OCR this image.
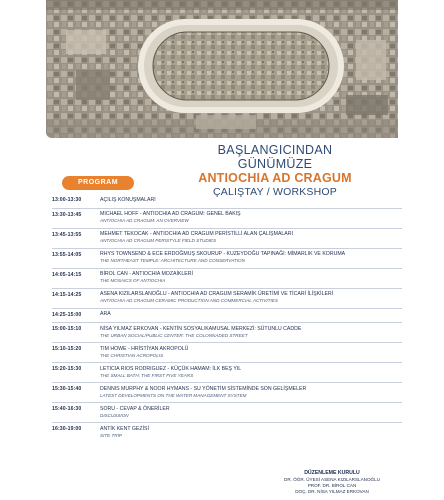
BAŞLANGICINDAN
GÜNÜMÜZE
ANTIOCHIA AD CRAGUM
ÇALIŞTAY / WORKSHOP
PROGRAM
13:00-13:30	AÇILIŞ KONUŞMALARI
13:30-13:45	MICHAEL HOFF - ANTIOCHIA AD CRAGUM: GENEL BAKIŞ
ANTIOCHIA AD CRAGUM: AN OVERVIEW
13:45-13:55	MEHMET TEKOCAK - ANTIOCHIA AD CRAGUM PERİSTİLLİ ALAN ÇALIŞMALARI
ANTIOCHIA AD CRAGUM PERISTYLE FIELD STUDIES
13:55-14:05	RHYS TOWNSEND & ECE ERDOĞMUŞ SKOURUP - KUZEYDOĞU TAPINAĞI: MİMARLIK VE KORUMA
THE NORTHEAST TEMPLE: ARCHITECTURE AND CONSERVATION
14:05-14:15	BİROL CAN - ANTIOCHIA MOZAİKLERİ
THE MOSAICS OF ANTIOCHIA
14:15-14:25	ASENA KIZILARSLANOĞLU - ANTIOCHIA AD CRAGUM SERAMİK ÜRETİMİ VE TİCARİ İLİŞKİLERİ
ANTIOCHIA AD CRAGUM CERAMIC PRODUCTION AND COMMERCIAL ACTIVITIES
14:25-15:00	ARA
15:00-15:10	NİSA YILMAZ ERKOVAN - KENTİN SOSYAL/KAMUSAL MERKEZİ: SÜTUNLU CADDE
THE URBAN SOCIAL/PUBLIC CENTER: THE COLONNADED STREET
15:10-15:20	TIM HOWE - HRİSTİYAN AKROPOLÜ
THE CHRISTIAN ACROPOLIS
15:20-15:30	LETICIA RIOS RODRIGUEZ - KÜÇÜK HAMAM: İLK BEŞ YIL
THE SMALL BATH: THE FIRST FIVE YEARS
15:30-15:40	DENNIS MURPHY & NOOR HYMANS - SU YÖNETİM SİSTEMİNDE SON GELİŞMELER
LATEST DEVELOPMENTS ON THE WATER MANAGEMENT SYSTEM
15:40-16:30	SORU - CEVAP & ÖNERİLER
DISCUSSION
16:30-19:00	ANTİK KENT GEZİSİ
SITE TRIP
DÜZENLEME KURULU
DR. ÖĞR. ÜYESİ ASENA KIZILARSLANOĞLU
PROF. DR. BİROL CAN
DOÇ. DR. NİSA YILMAZ ERKOVAN
